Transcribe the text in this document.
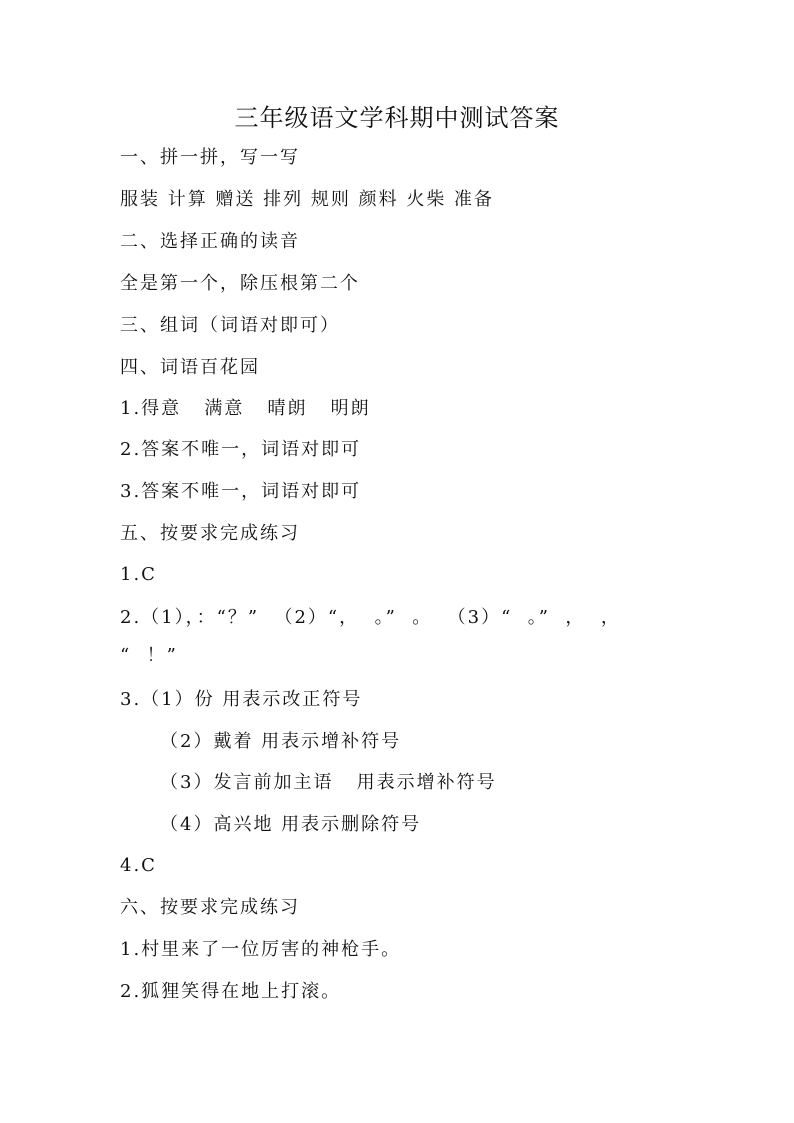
三年级语文学科期中测试答案
一、拼一拼，写一写
服装 计算 赠送 排列 规则 颜料 火柴 准备
二、选择正确的读音
全是第一个，除压根第二个
三、组词（词语对即可）
四、词语百花园
1.得意   满意   晴朗   明朗
2.答案不唯一，词语对即可
3.答案不唯一，词语对即可
五、按要求完成练习
1.C
2.（1），：“？”  （2）“，  。”  。  （3）“  。”  ，  ，
“  ！”
3.（1）份 用表示改正符号
（2）戴着 用表示增补符号
（3）发言前加主语   用表示增补符号
（4）高兴地 用表示删除符号
4.C
六、按要求完成练习
1.村里来了一位厉害的神枪手。
2.狐狸笑得在地上打滚。
